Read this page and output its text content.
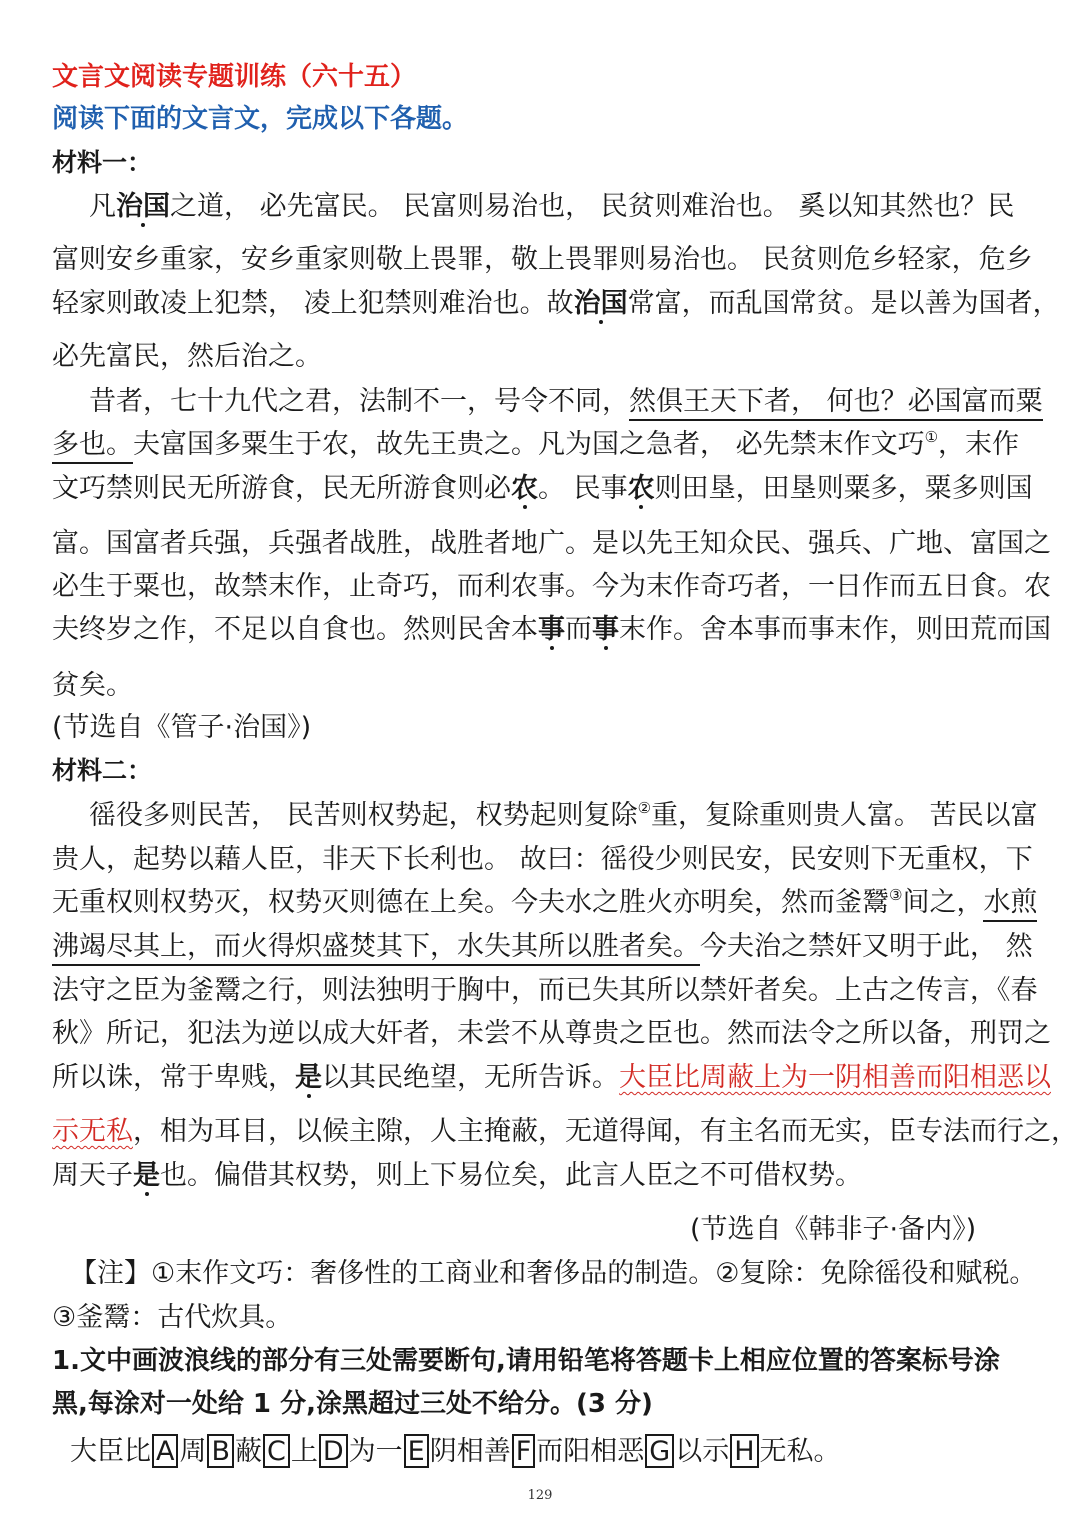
文言文阅读专题训练（六十五）
阅读下面的文言文，完成以下各题。
材料一：
凡治国之道， 必先富民。 民富则易治也， 民贫则难治也。 奚以知其然也？民
富则安乡重家，安乡重家则敬上畏罪，敬上畏罪则易治也。 民贫则危乡轻家，危乡
轻家则敢凌上犯禁， 凌上犯禁则难治也。故治国常富，而乱国常贫。是以善为国者，
必先富民，然后治之。
昔者，七十九代之君，法制不一，号令不同，然俱王天下者， 何也？必国富而粟
多也。夫富国多粟生于农，故先王贵之。凡为国之急者， 必先禁末作文巧①，末作
文巧禁则民无所游食，民无所游食则必农。 民事农则田垦，田垦则粟多，粟多则国
富。国富者兵强，兵强者战胜，战胜者地广。是以先王知众民、强兵、广地、富国之
必生于粟也，故禁末作，止奇巧，而利农事。今为末作奇巧者，一日作而五日食。农
夫终岁之作，不足以自食也。然则民舍本事而事末作。舍本事而事末作，则田荒而国
贫矣。
(节选自《管子·治国》)
材料二：
徭役多则民苦， 民苦则权势起，权势起则复除②重，复除重则贵人富。 苦民以富
贵人，起势以藉人臣，非天下长利也。 故曰：徭役少则民安，民安则下无重权，下
无重权则权势灭，权势灭则德在上矣。今夫水之胜火亦明矣，然而釜鬵③间之，水煎
沸竭尽其上，而火得炽盛焚其下，水失其所以胜者矣。今夫治之禁奸又明于此， 然
法守之臣为釜鬵之行，则法独明于胸中，而已失其所以禁奸者矣。上古之传言，《春
秋》所记，犯法为逆以成大奸者，未尝不从尊贵之臣也。然而法令之所以备，刑罚之
所以诛，常于卑贱，是以其民绝望，无所告诉。大臣比周蔽上为一阴相善而阳相恶以
示无私，相为耳目，以候主隙，人主掩蔽，无道得闻，有主名而无实，臣专法而行之，
周天子是也。偏借其权势，则上下易位矣，此言人臣之不可借权势。
(节选自《韩非子·备内》)
【注】①末作文巧：奢侈性的工商业和奢侈品的制造。②复除：免除徭役和赋税。
③釜鬵：古代炊具。
1.文中画波浪线的部分有三处需要断句,请用铅笔将答题卡上相应位置的答案标号涂
黑,每涂对一处给 1 分,涂黑超过三处不给分。(3 分)
大臣比 A 周 B 蔽 C 上 D 为一 E 阴相善 F 而阳相恶 G 以示 H 无私。
129
